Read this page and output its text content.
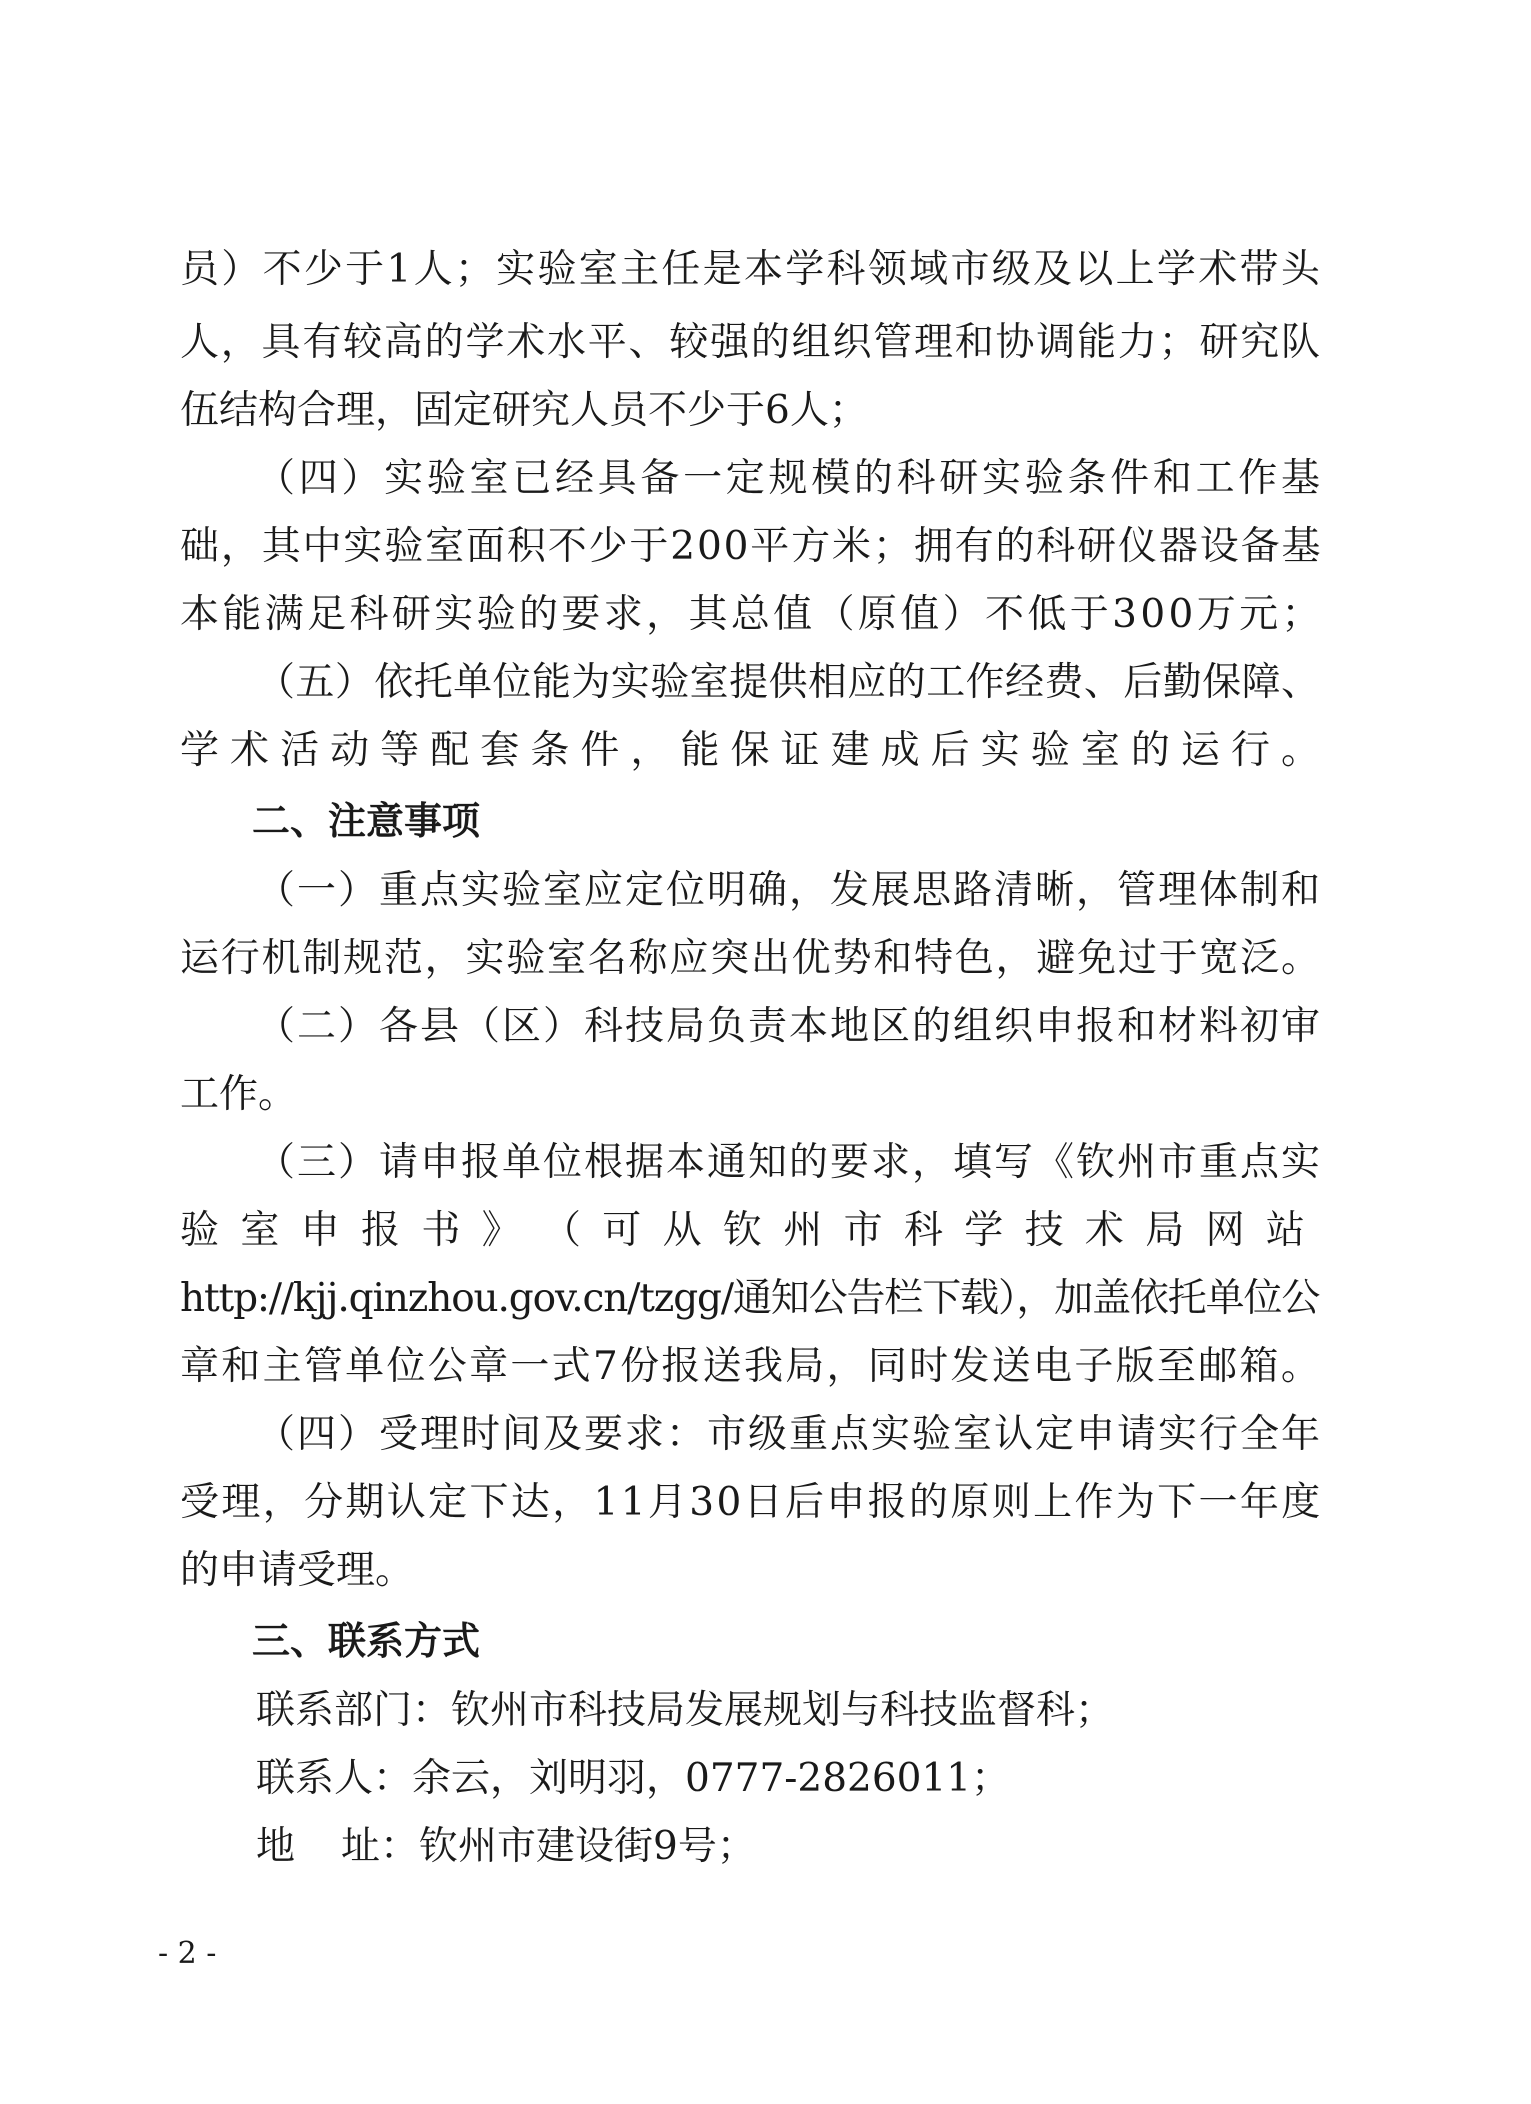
员）不少于1人；实验室主任是本学科领域市级及以上学术带头

人，具有较高的学术水平、较强的组织管理和协调能力；研究队

伍结构合理，固定研究人员不少于6人；

（四）实验室已经具备一定规模的科研实验条件和工作基

础，其中实验室面积不少于200平方米；拥有的科研仪器设备基

本能满足科研实验的要求，其总值（原值）不低于300万元；

（五）依托单位能为实验室提供相应的工作经费、后勤保障、

学术活动等配套条件，能保证建成后实验室的运行。

二、注意事项

（一）重点实验室应定位明确，发展思路清晰，管理体制和

运行机制规范，实验室名称应突出优势和特色，避免过于宽泛。

（二）各县（区）科技局负责本地区的组织申报和材料初审

工作。

（三）请申报单位根据本通知的要求，填写《钦州市重点实

验 室 申 报 书 》 （ 可 从 钦 州 市 科 学 技 术 局 网 站

http://kjj.qinzhou.gov.cn/tzgg/通知公告栏下载），加盖依托单位公

章和主管单位公章一式7份报送我局，同时发送电子版至邮箱。

（四）受理时间及要求：市级重点实验室认定申请实行全年

受理，分期认定下达，11月30日后申报的原则上作为下一年度

的申请受理。

三、联系方式

联系部门：钦州市科技局发展规划与科技监督科；

联系人：余云，刘明羽，0777-2826011；

地 址：钦州市建设街9号；
- 2 -
